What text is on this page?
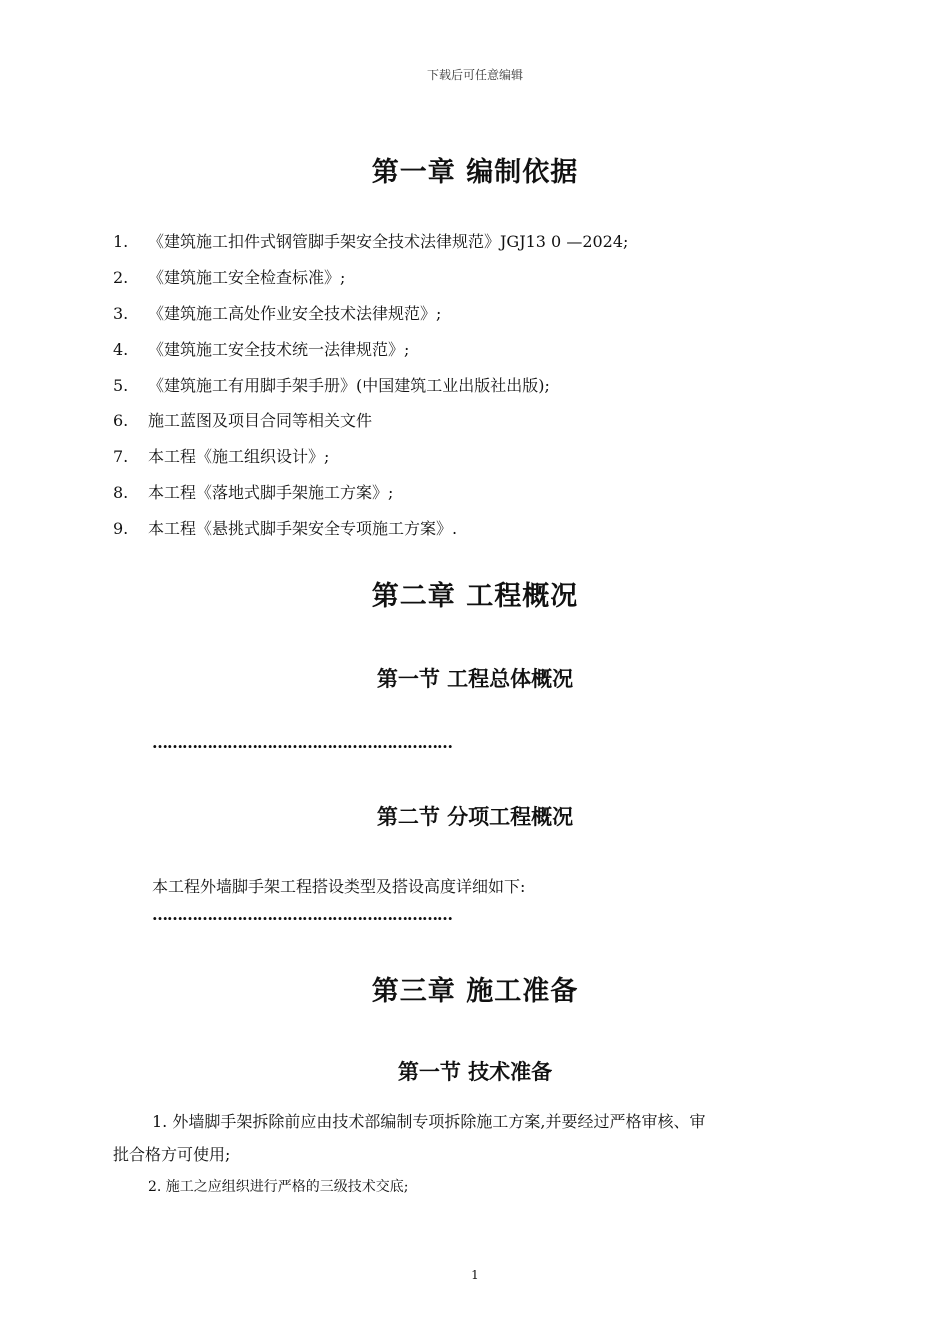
下载后可任意编辑
第一章 编制依据
1. 《建筑施工扣件式钢管脚手架安全技术法律规范》JGJ13 0 —2024;
2. 《建筑施工安全检查标准》;
3. 《建筑施工高处作业安全技术法律规范》;
4. 《建筑施工安全技术统一法律规范》;
5. 《建筑施工有用脚手架手册》(中国建筑工业出版社出版);
6. 施工蓝图及项目合同等相关文件
7. 本工程《施工组织设计》;
8. 本工程《落地式脚手架施工方案》;
9. 本工程《悬挑式脚手架安全专项施工方案》.
第二章 工程概况
第一节 工程总体概况
……………………………………………………
第二节 分项工程概况
本工程外墙脚手架工程搭设类型及搭设高度详细如下:
……………………………………………………
第三章 施工准备
第一节 技术准备
1. 外墙脚手架拆除前应由技术部编制专项拆除施工方案,并要经过严格审核、审
批合格方可使用;
2. 施工之应组织进行严格的三级技术交底;
1
